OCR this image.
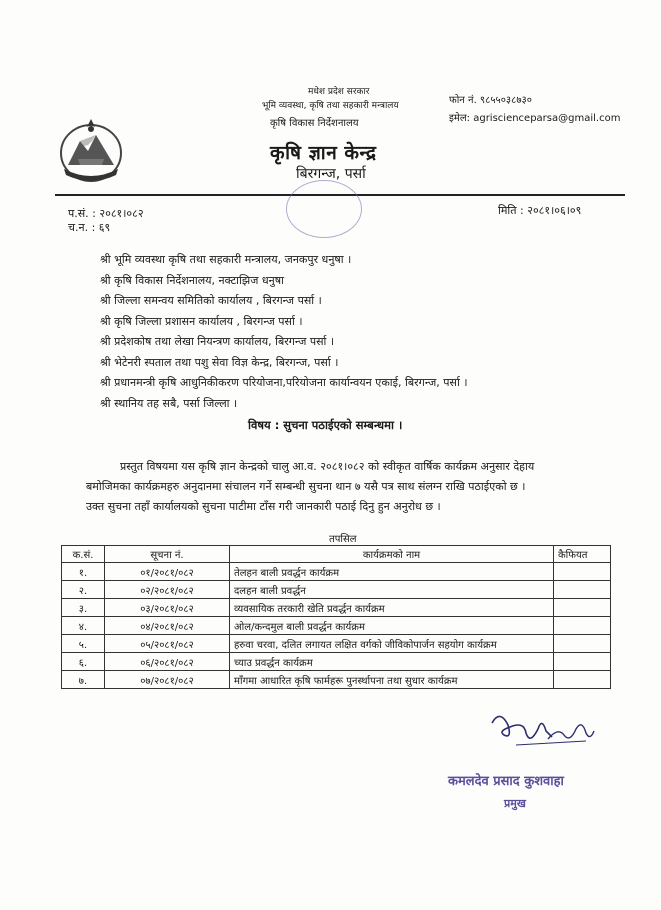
मधेश प्रदेश सरकार
भूमि व्यवस्था, कृषि तथा सहकारी मन्त्रालय
कृषि विकास निर्देशनालय
कृषि ज्ञान केन्द्र
बिरगन्ज, पर्सा
फोन नं. ९८५५०३८७३०
इमेल: agriscienceparsa@gmail.com
प.सं. : २०८१।०८२
च.न. : ६९
मिति : २०८१।०६।०९
श्री भूमि व्यवस्था कृषि तथा सहकारी मन्त्रालय, जनकपुर धनुषा ।
श्री कृषि विकास निर्देशनालय, नक्टाझिज धनुषा
श्री जिल्ला समन्वय समितिको कार्यालय , बिरगन्ज पर्सा ।
श्री कृषि जिल्ला प्रशासन कार्यालय , बिरगन्ज पर्सा ।
श्री प्रदेशकोष तथा लेखा नियन्त्रण कार्यालय, बिरगन्ज पर्सा ।
श्री भेटेनरी स्पताल तथा पशु सेवा विज्ञ केन्द्र, बिरगन्ज, पर्सा ।
श्री प्रधानमन्त्री कृषि आधुनिकीकरण परियोजना,परियोजना कार्यान्वयन एकाई, बिरगन्ज, पर्सा ।
श्री स्थानिय तह सबै, पर्सा जिल्ला ।
विषय : सुचना पठाईएको सम्बन्धमा ।

प्रस्तुत विषयमा यस कृषि ज्ञान केन्द्रको चालु आ.व. २०८१।०८२ को स्वीकृत वार्षिक कार्यक्रम अनुसार देहाय

बमोजिमका कार्यक्रमहरु अनुदानमा संचालन गर्ने सम्बन्धी सुचना थान ७ यसै पत्र साथ संलग्न राखि पठाईएको छ ।

उक्त सुचना तहाँ कार्यालयको सुचना पाटीमा टाँस गरी जानकारी पठाई दिनु हुन अनुरोध छ ।

तपसिल
क.सं.	सूचना नं.	कार्यक्रमको नाम	कैफियत
१.	०१/२०८१/०८२	तेलहन बाली प्रवर्द्धन कार्यक्रम	
२.	०२/२०८१/०८२	दलहन बाली प्रवर्द्धन	
३.	०३/२०८१/०८२	व्यवसायिक तरकारी खेति प्रवर्द्धन कार्यक्रम	
४.	०४/२०८१/०८२	ओल/कन्दमुल बाली प्रवर्द्धन कार्यक्रम	
५.	०५/२०८१/०८२	हरुवा चरवा, दलित लगायत लक्षित वर्गको जीविकोपार्जन सहयोग कार्यक्रम	
६.	०६/२०८१/०८२	च्याउ प्रवर्द्धन कार्यक्रम	
७.	०७/२०८१/०८२	माँगमा आधारित कृषि फार्महरू पुनर्स्थापना तथा सुधार कार्यक्रम	
कमलदेव प्रसाद कुशवाहा
प्रमुख
